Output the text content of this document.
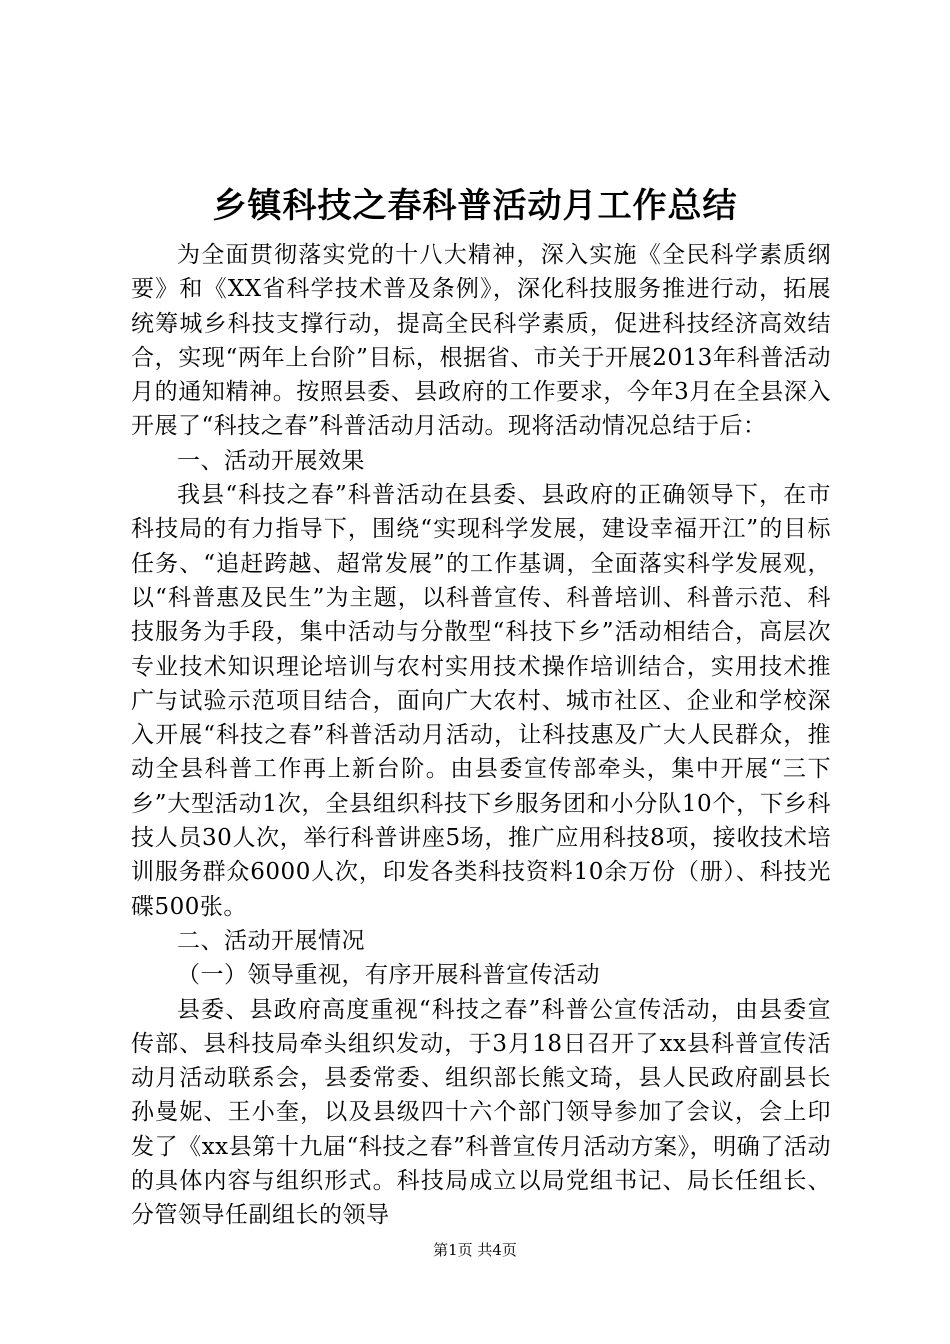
乡镇科技之春科普活动月工作总结

为全面贯彻落实党的十八大精神，深入实施《全民科学素质纲要》和《XX省科学技术普及条例》，深化科技服务推进行动，拓展统筹城乡科技支撑行动，提高全民科学素质，促进科技经济高效结合，实现“两年上台阶”目标，根据省、市关于开展2013年科普活动月的通知精神。按照县委、县政府的工作要求，今年3月在全县深入开展了“科技之春”科普活动月活动。现将活动情况总结于后：

一、活动开展效果

我县“科技之春”科普活动在县委、县政府的正确领导下，在市科技局的有力指导下，围绕“实现科学发展，建设幸福开江”的目标任务、“追赶跨越、超常发展”的工作基调，全面落实科学发展观，以“科普惠及民生”为主题，以科普宣传、科普培训、科普示范、科技服务为手段，集中活动与分散型“科技下乡”活动相结合，高层次专业技术知识理论培训与农村实用技术操作培训结合，实用技术推广与试验示范项目结合，面向广大农村、城市社区、企业和学校深入开展“科技之春”科普活动月活动，让科技惠及广大人民群众，推动全县科普工作再上新台阶。由县委宣传部牵头，集中开展“三下乡”大型活动1次，全县组织科技下乡服务团和小分队10个，下乡科技人员30人次，举行科普讲座5场，推广应用科技8项，接收技术培训服务群众6000人次，印发各类科技资料10余万份（册）、科技光碟500张。

二、活动开展情况

（一）领导重视，有序开展科普宣传活动

县委、县政府高度重视“科技之春”科普公宣传活动，由县委宣传部、县科技局牵头组织发动，于3月18日召开了xx县科普宣传活动月活动联系会，县委常委、组织部长熊文琦，县人民政府副县长孙曼妮、王小奎，以及县级四十六个部门领导参加了会议，会上印发了《xx县第十九届“科技之春”科普宣传月活动方案》，明确了活动的具体内容与组织形式。科技局成立以局党组书记、局长任组长、分管领导任副组长的领导

第1页 共4页
